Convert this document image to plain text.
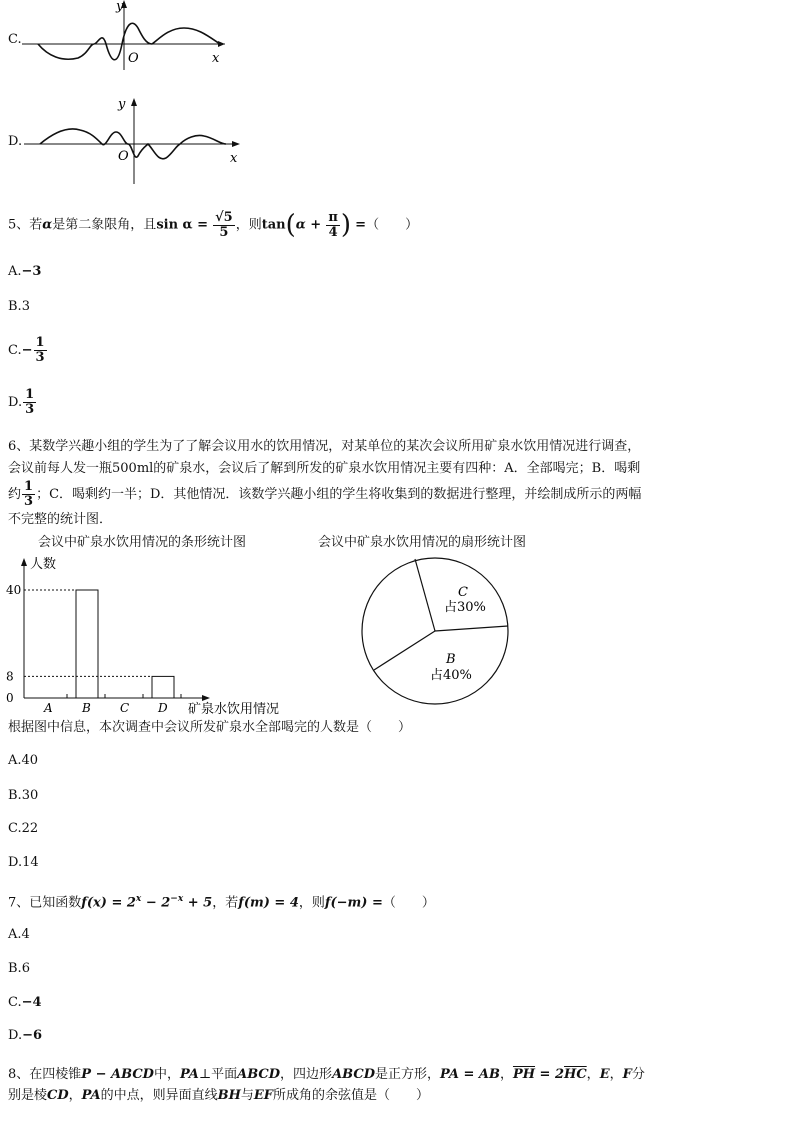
C.
y
O	x
D.
y
O	x
5、若α是第二象限角，且$\sin \alpha = \frac{√5}{5}$ ，则$\tan(\alpha + \frac{\pi}{4}$ ) =（　　）
A.−3
B.3
$C.- \frac{1}{3}$
D. $\frac{1}{3}$
6、某数学兴趣小组的学生为了了解会议用水的饮用情况，对某单位的某次会议所用矿泉水饮用情况进行调查，
会议前每人发一瓶500ml的矿泉水，会议后了解到所发的矿泉水饮用情况主要有四种：A．全部喝完；B．喝剩
约 $\frac{1}{3}$ ；C．喝剩约一半；D．其他情况．该数学兴趣小组的学生将收集到的数据进行整理，并绘制成所示的两幅
不完整的统计图．
会议中矿泉水饮用情况的条形统计图	会议中矿泉水饮用情况的扇形统计图
人数
矿泉水饮用情况
0
8
40
A B C D
C
占30%
B
占40%
根据图中信息，本次调查中会议所发矿泉水全部喝完的人数是（　　）
A.40
B.30
C.22
D.14
7、已知函数$f(x) = 2^x - 2^{-x} + 5$，若f(m) = 4，则f(−m) =（　　）
A.4
B.6
C.−4
D.−6
8、在四棱锥P − ABCD中，PA⊥平面ABCD，四边形ABCD是正方形，PA = AB，$\overline{PH} = 2\overline{HC}$，E，F分
别是棱CD，PA的中点，则异面直线BH与EF所成角的余弦值是（　　）
